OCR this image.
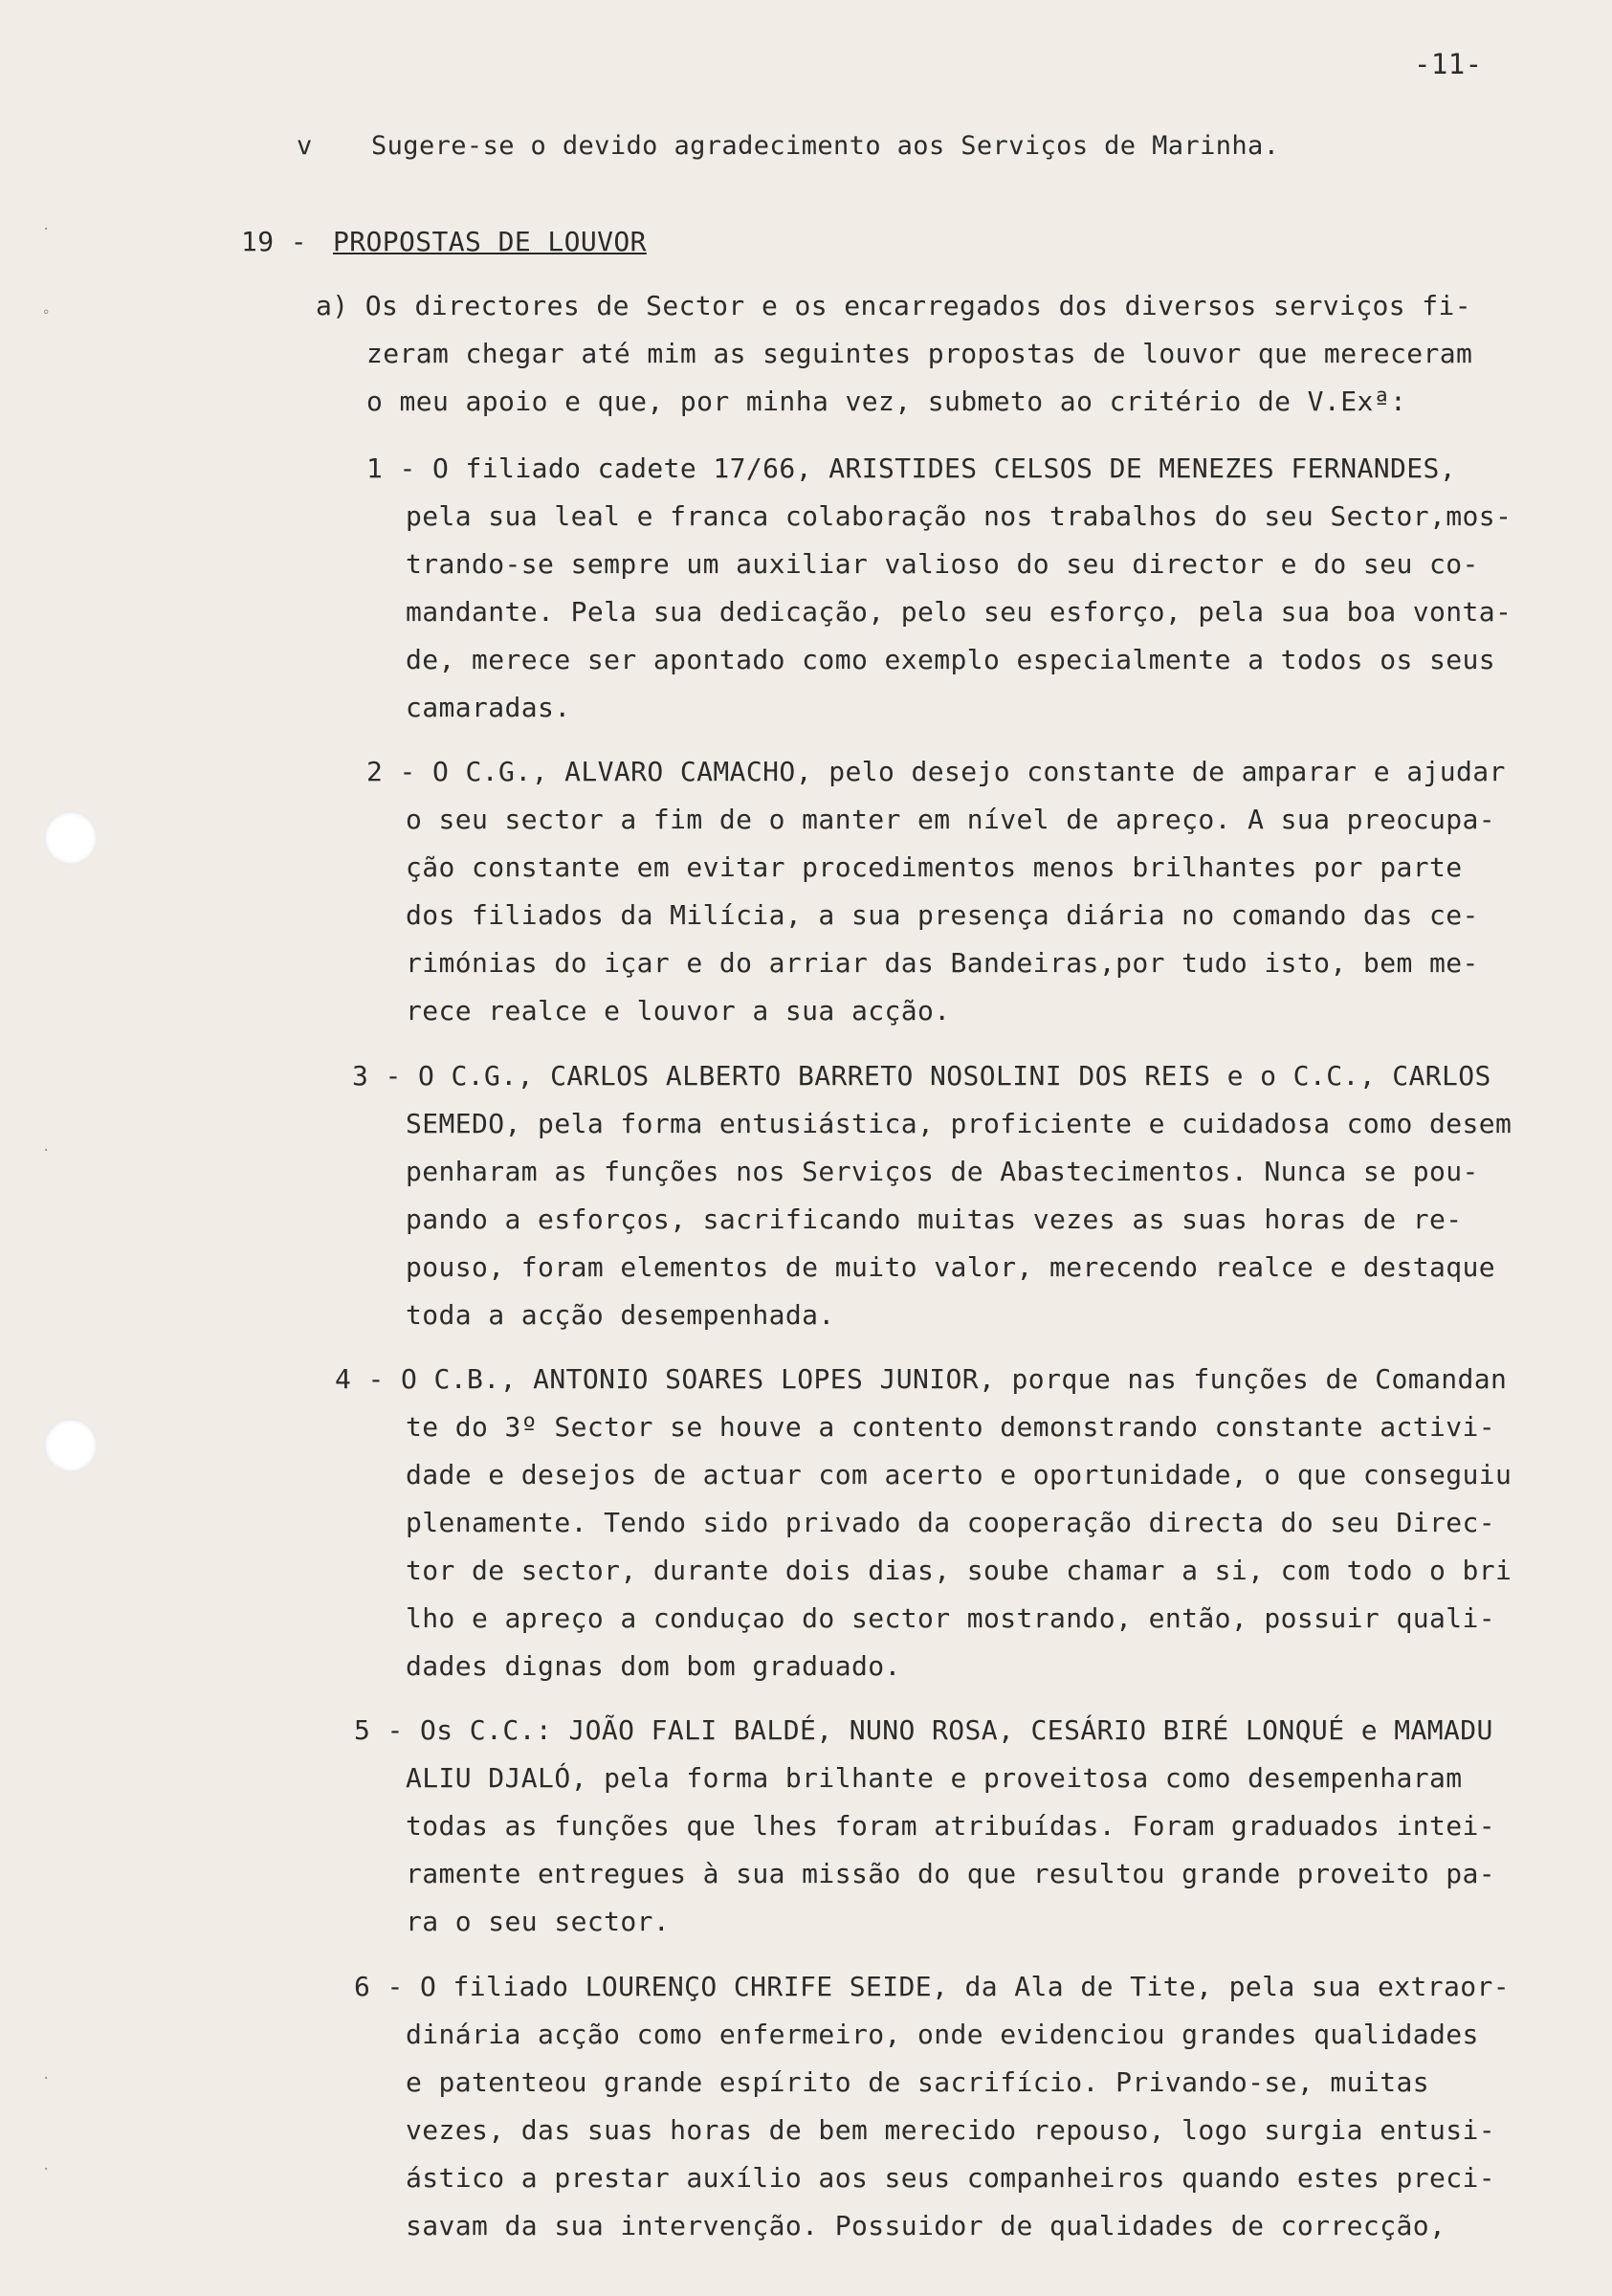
·
°
·
·
·
-11-
v Sugere-se o devido agradecimento aos Serviços de Marinha.
19 - PROPOSTAS DE LOUVOR
a) Os directores de Sector e os encarregados dos diversos serviços fi-
zeram chegar até mim as seguintes propostas de louvor que mereceram
o meu apoio e que, por minha vez, submeto ao critério de V.Exª:
1 - O filiado cadete 17/66, ARISTIDES CELSOS DE MENEZES FERNANDES,
pela sua leal e franca colaboração nos trabalhos do seu Sector,mos-
trando-se sempre um auxiliar valioso do seu director e do seu co-
mandante. Pela sua dedicação, pelo seu esforço, pela sua boa vonta-
de, merece ser apontado como exemplo especialmente a todos os seus
camaradas.
2 - O C.G., ALVARO CAMACHO, pelo desejo constante de amparar e ajudar
o seu sector a fim de o manter em nível de apreço. A sua preocupa-
ção constante em evitar procedimentos menos brilhantes por parte
dos filiados da Milícia, a sua presença diária no comando das ce-
rimónias do içar e do arriar das Bandeiras,por tudo isto, bem me-
rece realce e louvor a sua acção.
3 - O C.G., CARLOS ALBERTO BARRETO NOSOLINI DOS REIS e o C.C., CARLOS
SEMEDO, pela forma entusiástica, proficiente e cuidadosa como desem
penharam as funções nos Serviços de Abastecimentos. Nunca se pou-
pando a esforços, sacrificando muitas vezes as suas horas de re-
pouso, foram elementos de muito valor, merecendo realce e destaque
toda a acção desempenhada.
4 - O C.B., ANTONIO SOARES LOPES JUNIOR, porque nas funções de Comandan
te do 3º Sector se houve a contento demonstrando constante activi-
dade e desejos de actuar com acerto e oportunidade, o que conseguiu
plenamente. Tendo sido privado da cooperação directa do seu Direc-
tor de sector, durante dois dias, soube chamar a si, com todo o bri
lho e apreço a conduçao do sector mostrando, então, possuir quali-
dades dignas dom bom graduado.
5 - Os C.C.: JOÃO FALI BALDÉ, NUNO ROSA, CESÁRIO BIRÉ LONQUÉ e MAMADU
ALIU DJALÓ, pela forma brilhante e proveitosa como desempenharam
todas as funções que lhes foram atribuídas. Foram graduados intei-
ramente entregues à sua missão do que resultou grande proveito pa-
ra o seu sector.
6 - O filiado LOURENÇO CHRIFE SEIDE, da Ala de Tite, pela sua extraor-
dinária acção como enfermeiro, onde evidenciou grandes qualidades
e patenteou grande espírito de sacrifício. Privando-se, muitas
vezes, das suas horas de bem merecido repouso, logo surgia entusi-
ástico a prestar auxílio aos seus companheiros quando estes preci-
savam da sua intervenção. Possuidor de qualidades de correcção,
